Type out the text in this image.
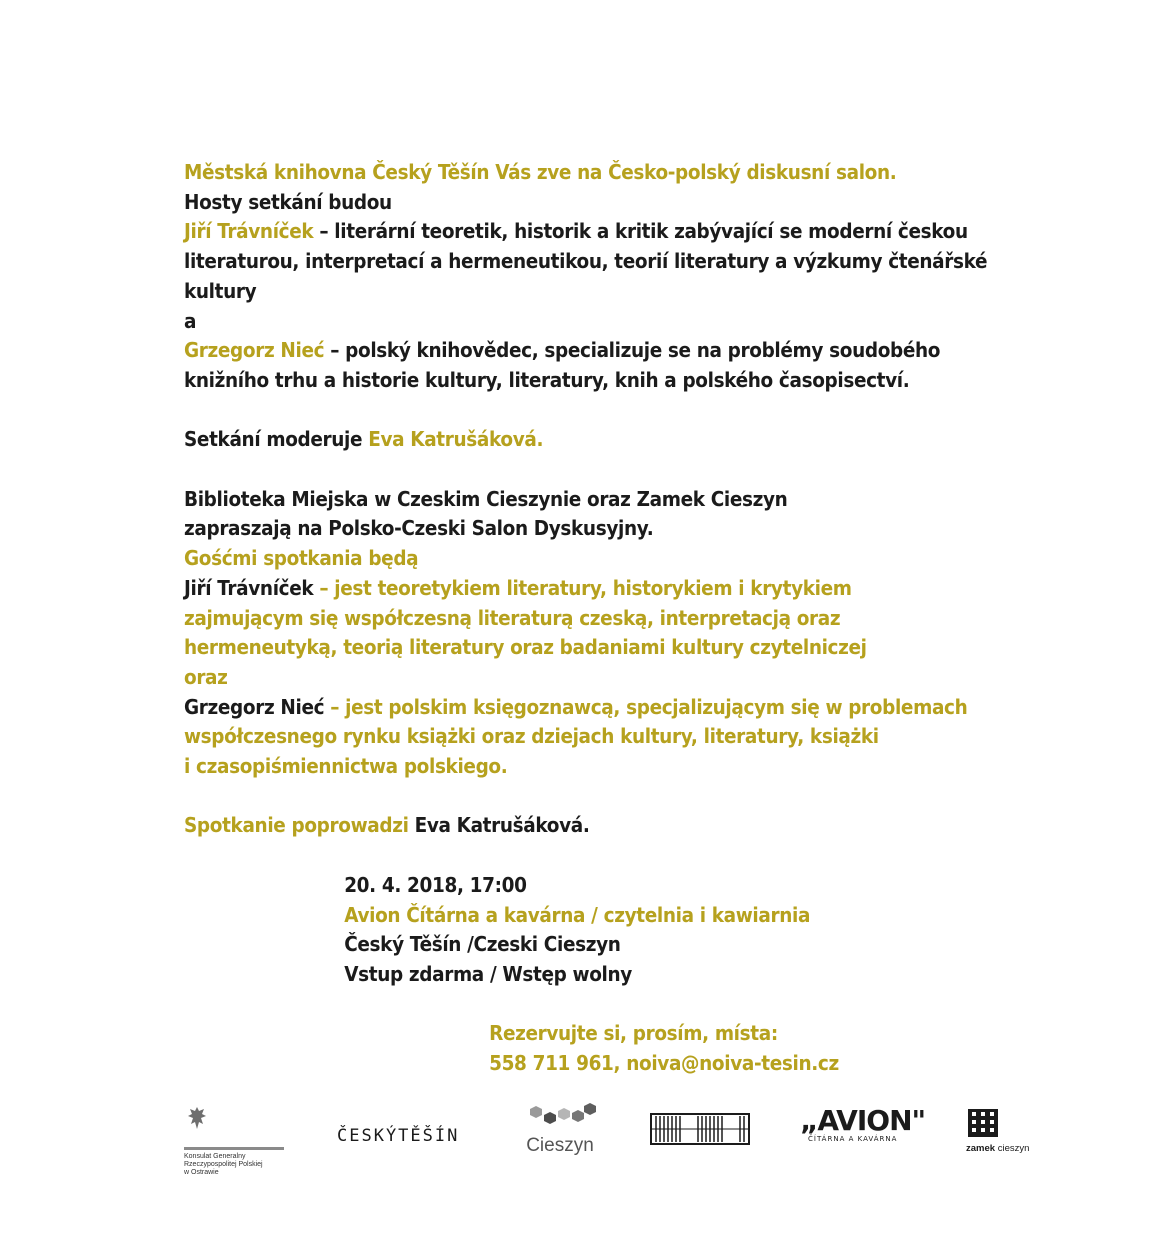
Městská knihovna Český Těšín Vás zve na Česko-polský diskusní salon.
Hosty setkání budou
Jiří Trávníček – literární teoretik, historik a kritik zabývající se moderní českou
literaturou, interpretací a hermeneutikou, teorií literatury a výzkumy čtenářské
kultury
a
Grzegorz Nieć – polský knihovědec, specializuje se na problémy soudobého
knižního trhu a historie kultury, literatury, knih a polského časopisectví.
Setkání moderuje Eva Katrušáková.
Biblioteka Miejska w Czeskim Cieszynie oraz Zamek Cieszyn
zapraszają na Polsko-Czeski Salon Dyskusyjny.
Gośćmi spotkania będą
Jiří Trávníček – jest teoretykiem literatury, historykiem i krytykiem
zajmującym się współczesną literaturą czeską, interpretacją oraz
hermeneutyką, teorią literatury oraz badaniami kultury czytelniczej
oraz
Grzegorz Nieć – jest polskim księgoznawcą, specjalizującym się w problemach
współczesnego rynku książki oraz dziejach kultury, literatury, książki
i czasopiśmiennictwa polskiego.
Spotkanie poprowadzi Eva Katrušáková.
20. 4. 2018, 17:00
Avion Čítárna a kavárna / czytelnia i kawiarnia
Český Těšín /Czeski Cieszyn
Vstup zdarma / Wstęp wolny
Rezervujte si, prosím, místa:
558 711 961, noiva@noiva-tesin.cz
Konsulat Generalny
Rzeczypospolitej Polskiej
w Ostrawie
ČESKÝTĚŠÍN	Cieszyn
„AVION"
ČÍTÁRNA A KAVÁRNA
zamek cieszyn
